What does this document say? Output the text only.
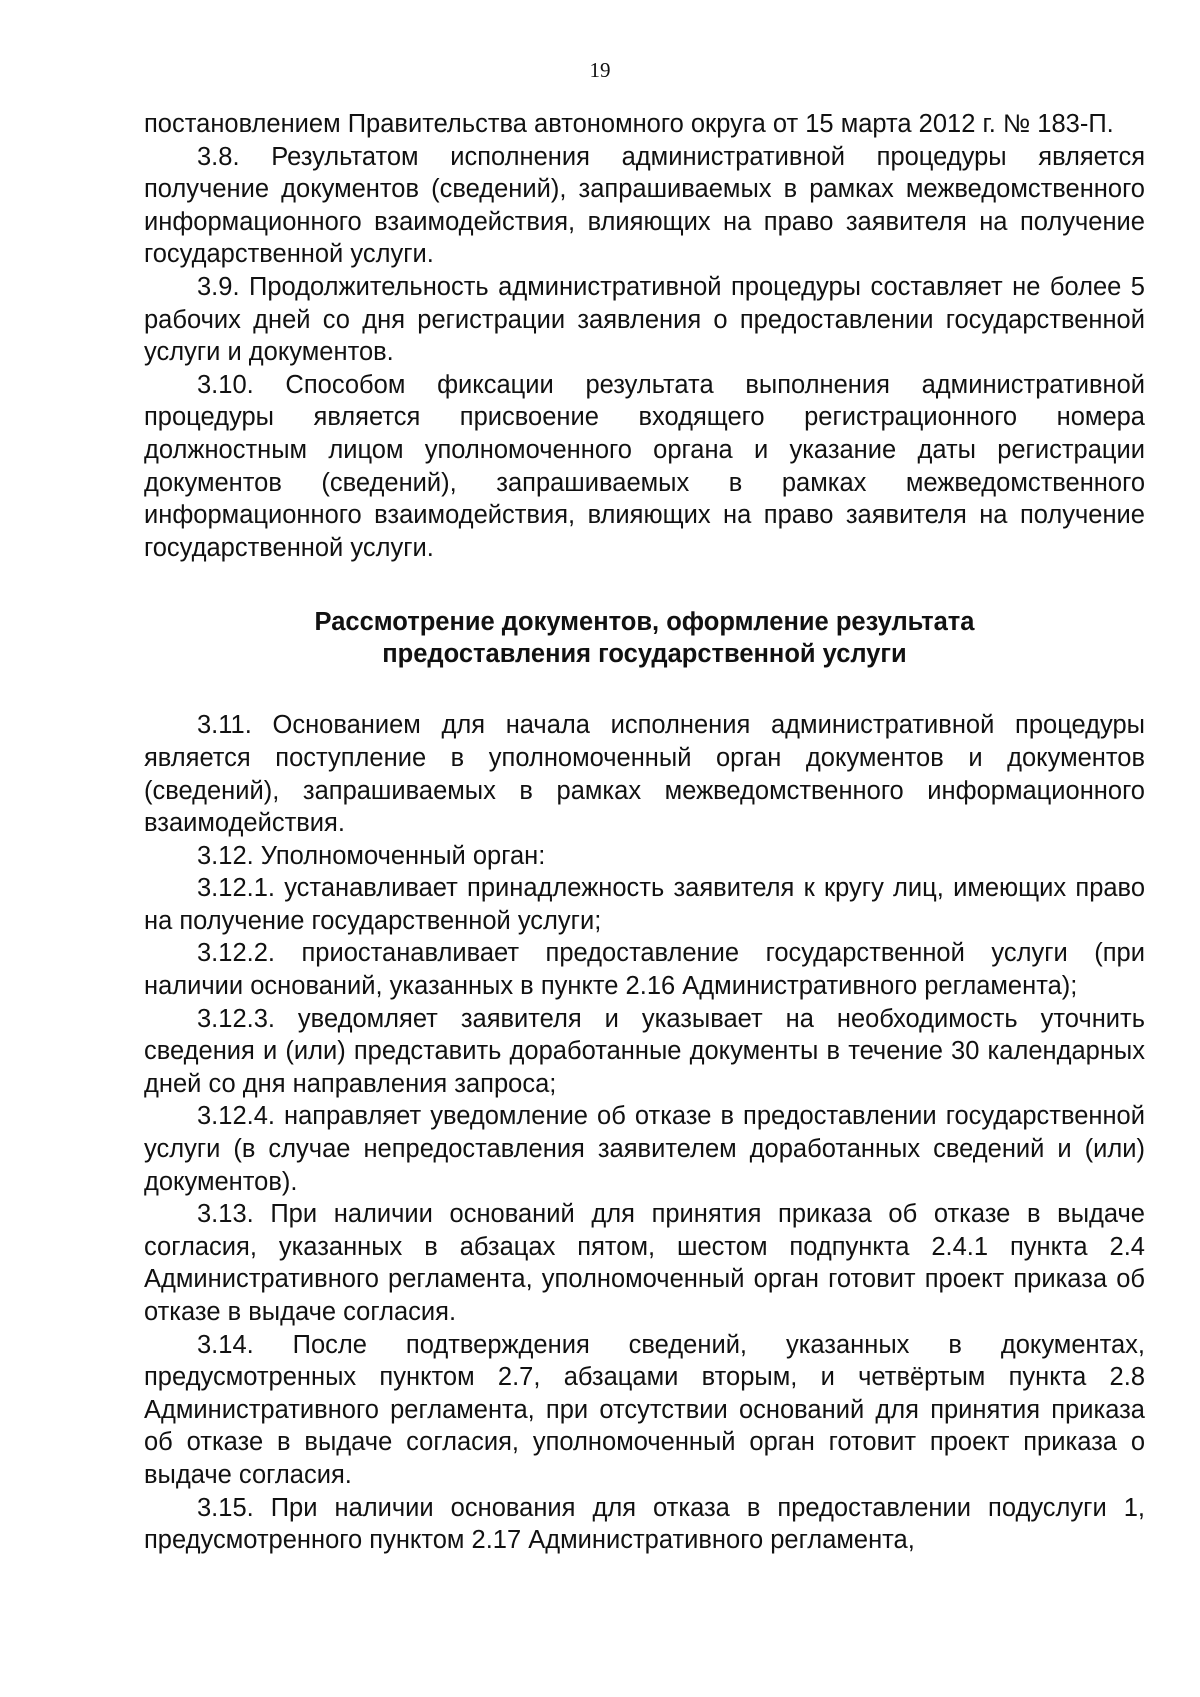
19

постановлением Правительства автономного округа от 15 марта 2012 г. № 183-П.

3.8. Результатом исполнения административной процедуры является получение документов (сведений), запрашиваемых в рамках межведомственного информационного взаимодействия, влияющих на право заявителя на получение государственной услуги.

3.9. Продолжительность административной процедуры составляет не более 5 рабочих дней со дня регистрации заявления о предоставлении государственной услуги и документов.

3.10. Способом фиксации результата выполнения административной процедуры является присвоение входящего регистрационного номера должностным лицом уполномоченного органа и указание даты регистрации документов (сведений), запрашиваемых в рамках межведомственного информационного взаимодействия, влияющих на право заявителя на получение государственной услуги.

Рассмотрение документов, оформление результата
предоставления государственной услуги

3.11. Основанием для начала исполнения административной процедуры является поступление в уполномоченный орган документов и документов (сведений), запрашиваемых в рамках межведомственного информационного взаимодействия.

3.12. Уполномоченный орган:

3.12.1. устанавливает принадлежность заявителя к кругу лиц, имеющих право на получение государственной услуги;

3.12.2. приостанавливает предоставление государственной услуги (при наличии оснований, указанных в пункте 2.16 Административного регламента);

3.12.3. уведомляет заявителя и указывает на необходимость уточнить сведения и (или) представить доработанные документы в течение 30 календарных дней со дня направления запроса;

3.12.4. направляет уведомление об отказе в предоставлении государственной услуги (в случае непредоставления заявителем доработанных сведений и (или) документов).

3.13. При наличии оснований для принятия приказа об отказе в выдаче согласия, указанных в абзацах пятом, шестом подпункта 2.4.1 пункта 2.4 Административного регламента, уполномоченный орган готовит проект приказа об отказе в выдаче согласия.

3.14. После подтверждения сведений, указанных в документах, предусмотренных пунктом 2.7, абзацами вторым, и четвёртым пункта 2.8 Административного регламента, при отсутствии оснований для принятия приказа об отказе в выдаче согласия, уполномоченный орган готовит проект приказа о выдаче согласия.

3.15. При наличии основания для отказа в предоставлении подуслуги 1, предусмотренного пунктом 2.17 Административного регламента,
